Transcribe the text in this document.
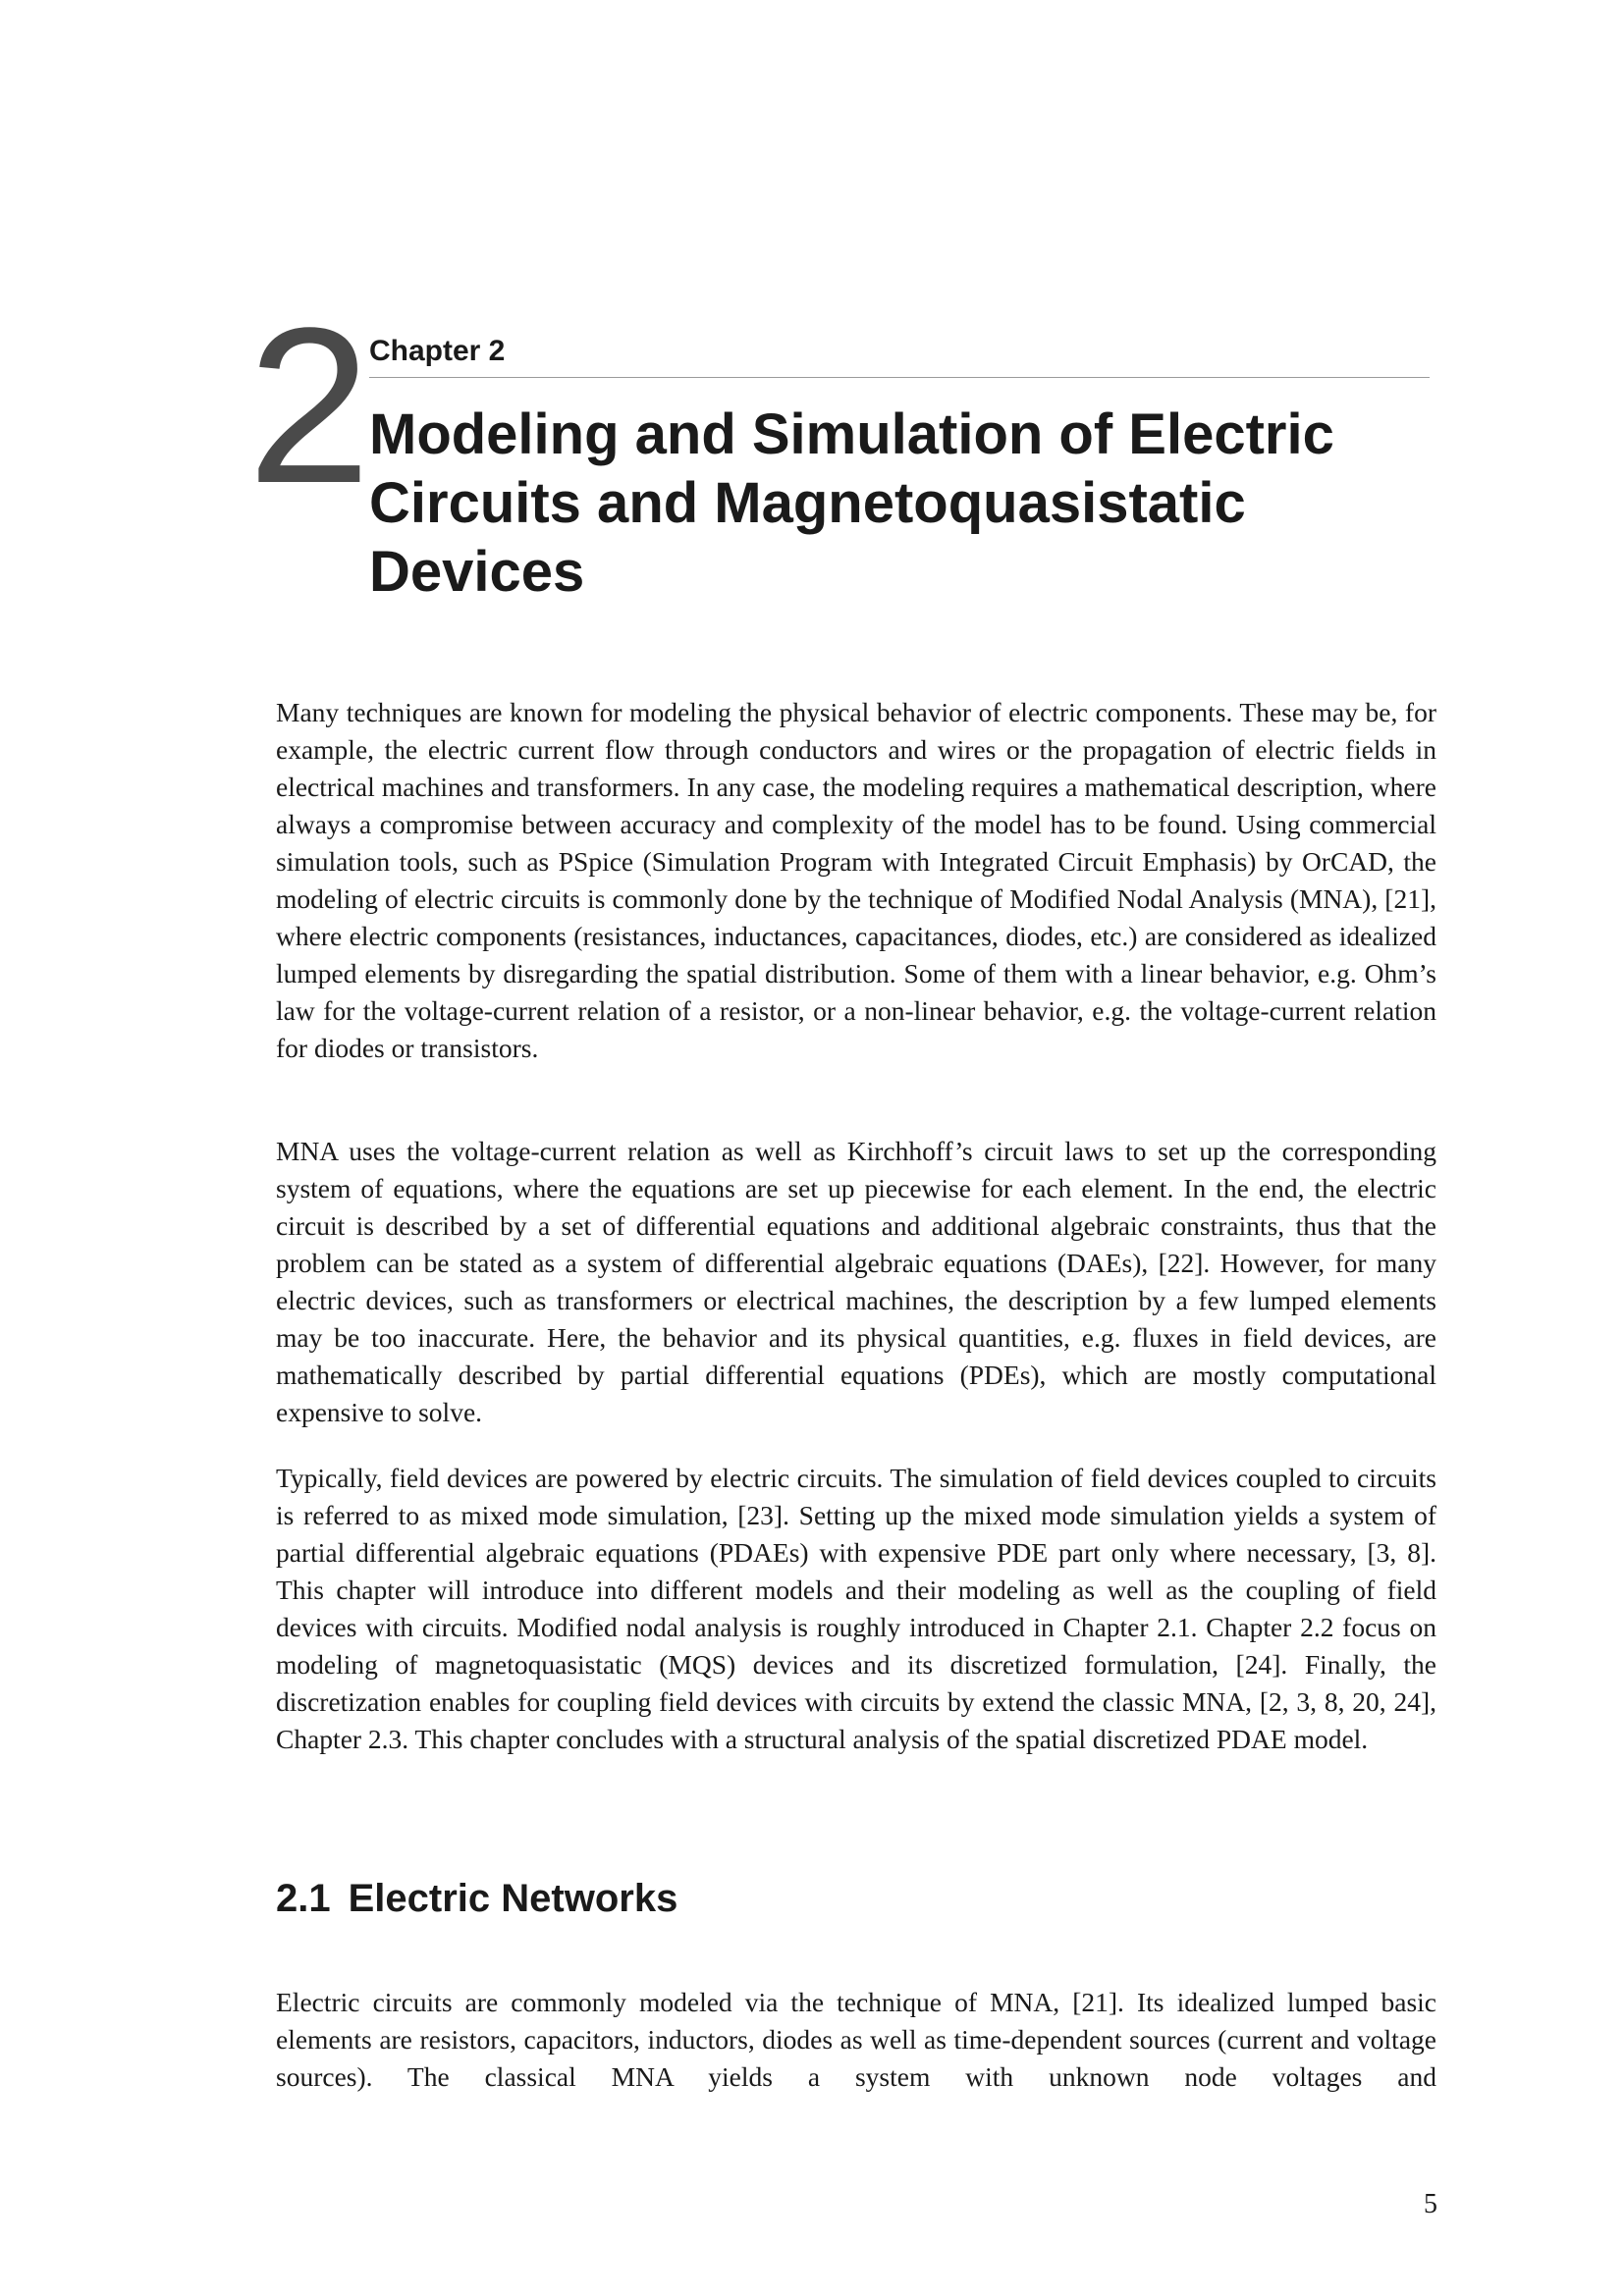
2
Chapter 2
Modeling and Simulation of Electric Circuits and Magnetoquasistatic Devices

Many techniques are known for modeling the physical behavior of electric components. These may be, for example, the electric current flow through conductors and wires or the propagation of electric fields in electrical machines and transformers. In any case, the modeling requires a mathematical description, where always a compromise between accuracy and complexity of the model has to be found. Using commercial simulation tools, such as PSpice (Simulation Program with Integrated Circuit Emphasis) by OrCAD, the modeling of electric circuits is commonly done by the technique of Modified Nodal Analysis (MNA), [21], where electric components (resistances, inductances, capacitances, diodes, etc.) are considered as idealized lumped elements by disregarding the spatial distribution. Some of them with a linear behavior, e.g. Ohm’s law for the voltage-current relation of a resistor, or a non-linear behavior, e.g. the voltage-current relation for diodes or transistors.

MNA uses the voltage-current relation as well as Kirchhoff’s circuit laws to set up the corresponding system of equations, where the equations are set up piecewise for each element. In the end, the electric circuit is described by a set of differential equations and additional algebraic constraints, thus that the problem can be stated as a system of differential algebraic equations (DAEs), [22]. However, for many electric devices, such as transformers or electrical machines, the description by a few lumped elements may be too inaccurate. Here, the behavior and its physical quantities, e.g. fluxes in field devices, are mathematically described by partial differential equations (PDEs), which are mostly computational expensive to solve.

Typically, field devices are powered by electric circuits. The simulation of field devices coupled to circuits is referred to as mixed mode simulation, [23]. Setting up the mixed mode simulation yields a system of partial differential algebraic equations (PDAEs) with expensive PDE part only where necessary, [3, 8]. This chapter will introduce into different models and their modeling as well as the coupling of field devices with circuits. Modified nodal analysis is roughly introduced in Chapter 2.1. Chapter 2.2 focus on modeling of magnetoquasistatic (MQS) devices and its discretized formulation, [24]. Finally, the discretization enables for coupling field devices with circuits by extend the classic MNA, [2, 3, 8, 20, 24], Chapter 2.3. This chapter concludes with a structural analysis of the spatial discretized PDAE model.

2.1 Electric Networks

Electric circuits are commonly modeled via the technique of MNA, [21]. Its idealized lumped basic elements are resistors, capacitors, inductors, diodes as well as time-dependent sources (current and voltage sources). The classical MNA yields a system with unknown node voltages and

5
